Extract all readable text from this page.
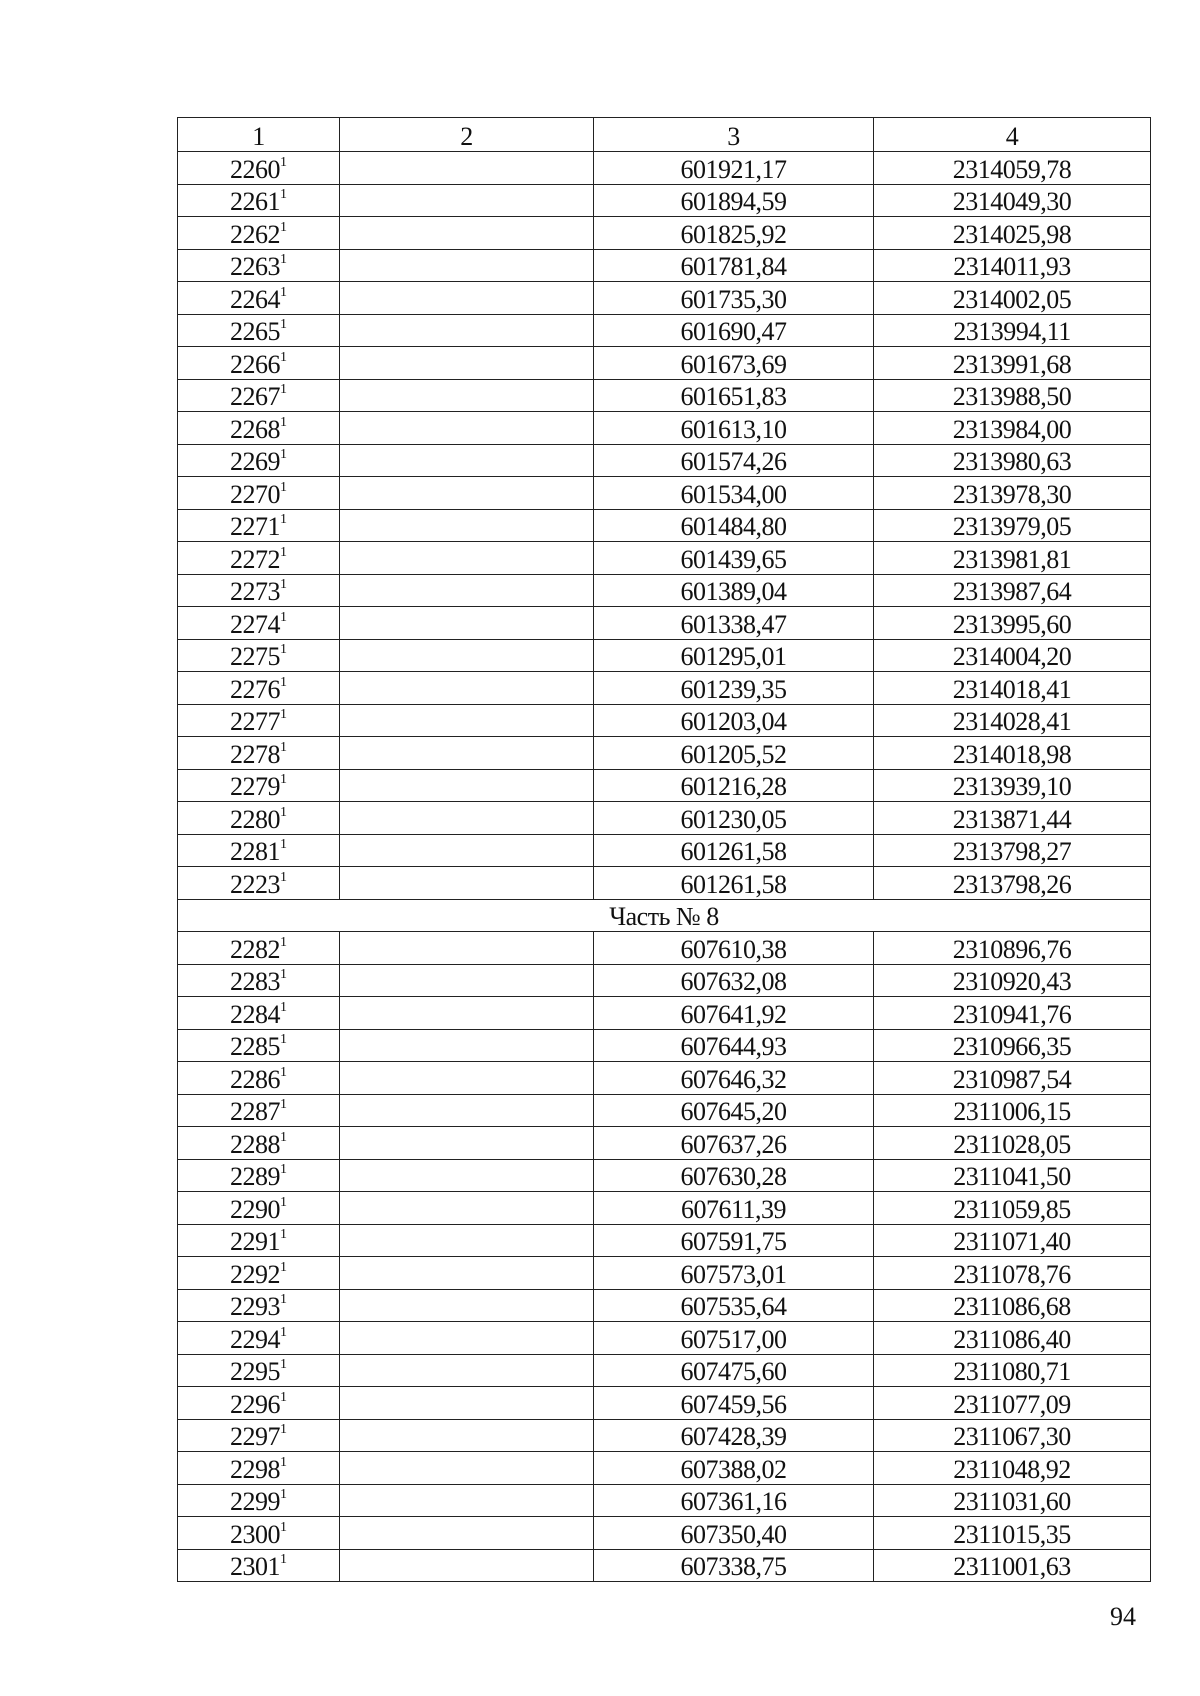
1	2	3	4
2260$^1$		601921,17	2314059,78
2261$^1$		601894,59	2314049,30
2262$^1$		601825,92	2314025,98
2263$^1$		601781,84	2314011,93
2264$^1$		601735,30	2314002,05
2265$^1$		601690,47	2313994,11
2266$^1$		601673,69	2313991,68
2267$^1$		601651,83	2313988,50
2268$^1$		601613,10	2313984,00
2269$^1$		601574,26	2313980,63
2270$^1$		601534,00	2313978,30
2271$^1$		601484,80	2313979,05
2272$^1$		601439,65	2313981,81
2273$^1$		601389,04	2313987,64
2274$^1$		601338,47	2313995,60
2275$^1$		601295,01	2314004,20
2276$^1$		601239,35	2314018,41
2277$^1$		601203,04	2314028,41
2278$^1$		601205,52	2314018,98
2279$^1$		601216,28	2313939,10
2280$^1$		601230,05	2313871,44
2281$^1$		601261,58	2313798,27
2223$^1$		601261,58	2313798,26
Часть № 8			
2282$^1$		607610,38	2310896,76
2283$^1$		607632,08	2310920,43
2284$^1$		607641,92	2310941,76
2285$^1$		607644,93	2310966,35
2286$^1$		607646,32	2310987,54
2287$^1$		607645,20	2311006,15
2288$^1$		607637,26	2311028,05
2289$^1$		607630,28	2311041,50
2290$^1$		607611,39	2311059,85
2291$^1$		607591,75	2311071,40
2292$^1$		607573,01	2311078,76
2293$^1$		607535,64	2311086,68
2294$^1$		607517,00	2311086,40
2295$^1$		607475,60	2311080,71
2296$^1$		607459,56	2311077,09
2297$^1$		607428,39	2311067,30
2298$^1$		607388,02	2311048,92
2299$^1$		607361,16	2311031,60
2300$^1$		607350,40	2311015,35
2301$^1$		607338,75	2311001,63
94
